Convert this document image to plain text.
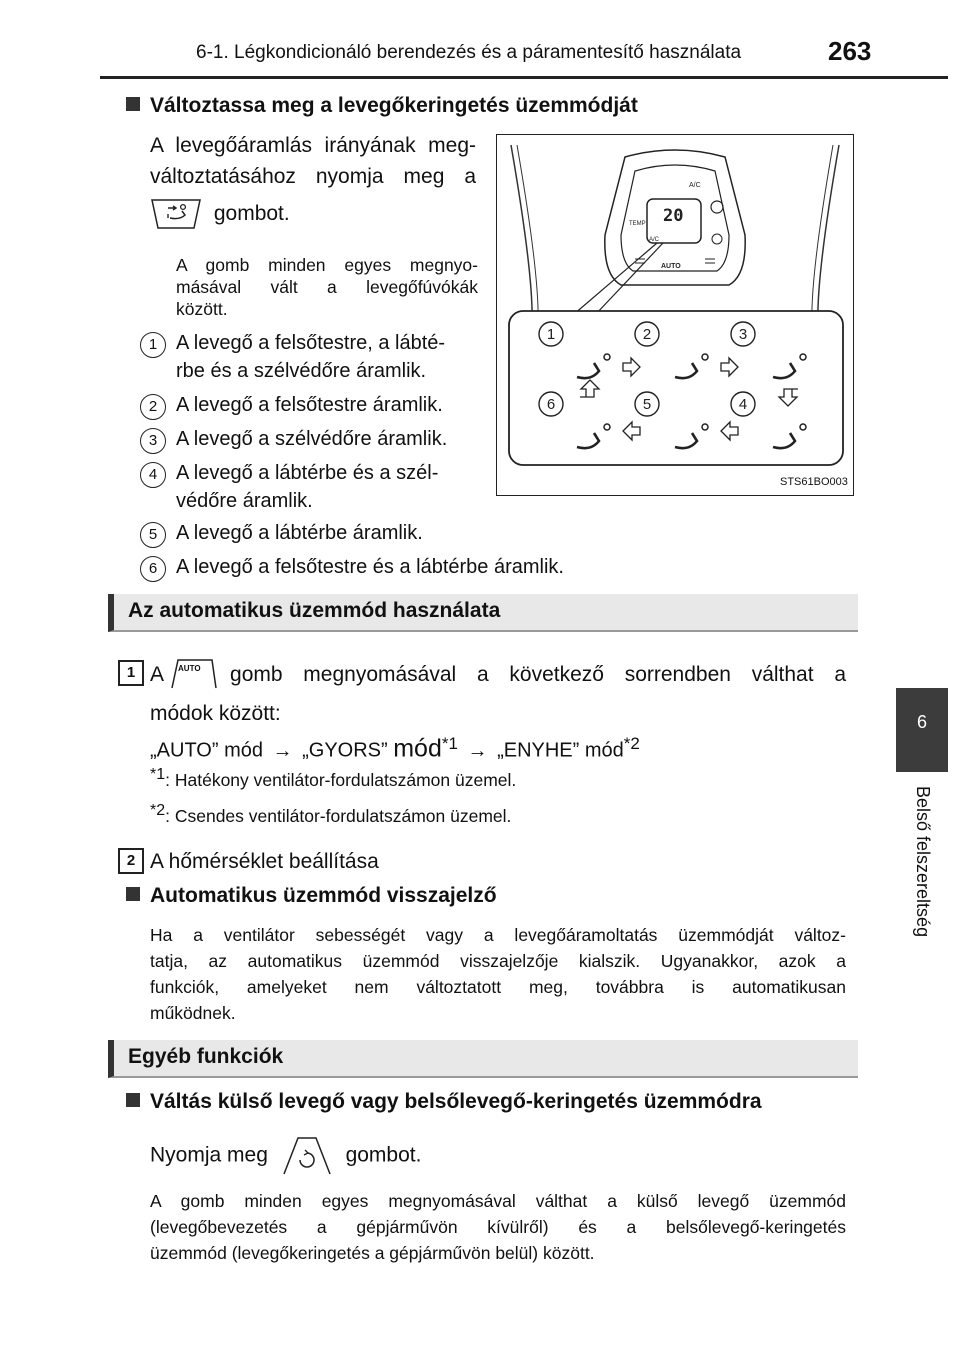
6-1. Légkondicionáló berendezés és a páramentesítő használata	263
6
Belső felszereltség
Változtassa meg a levegőkeringetés üzemmódját
A levegőáramlás irányának meg-
változtatásához nyomja meg a
gombot.
A gomb minden egyes megnyo-
másával vált a levegőfúvókák
között.
1 A levegő a felsőtestre, a lábté-
rbe és a szélvédőre áramlik.
2 A levegő a felsőtestre áramlik.
3 A levegő a szélvédőre áramlik.
4 A levegő a lábtérbe és a szél-
védőre áramlik.
5 A levegő a lábtérbe áramlik.
6 A levegő a felsőtestre és a lábtérbe áramlik.
20
TEMP
A/C
A/C
AUTO
1	2	3
6	5	4
STS61BO003
Az automatikus üzemmód használata
1 A AUTO gomb megnyomásával a következő sorrendben válthat a
módok között:
„AUTO” mód → „GYORS” mód$^{*1}$ → „ENYHE” mód$^{*2}$
$^{*1}$: Hatékony ventilátor-fordulatszámon üzemel.
$^{*2}$: Csendes ventilátor-fordulatszámon üzemel.
2 A hőmérséklet beállítása
Automatikus üzemmód visszajelző
Ha a ventilátor sebességét vagy a levegőáramoltatás üzemmódját változ-
tatja, az automatikus üzemmód visszajelzője kialszik. Ugyanakkor, azok a
funkciók, amelyeket nem változtatott meg, továbbra is automatikusan
működnek.
Egyéb funkciók
Váltás külső levegő vagy belsőlevegő-keringetés üzemmódra
Nyomja meg	gombot.
A gomb minden egyes megnyomásával válthat a külső levegő üzemmód
(levegőbevezetés a gépjárművön kívülről) és a belsőlevegő-keringetés
üzemmód (levegőkeringetés a gépjárművön belül) között.
